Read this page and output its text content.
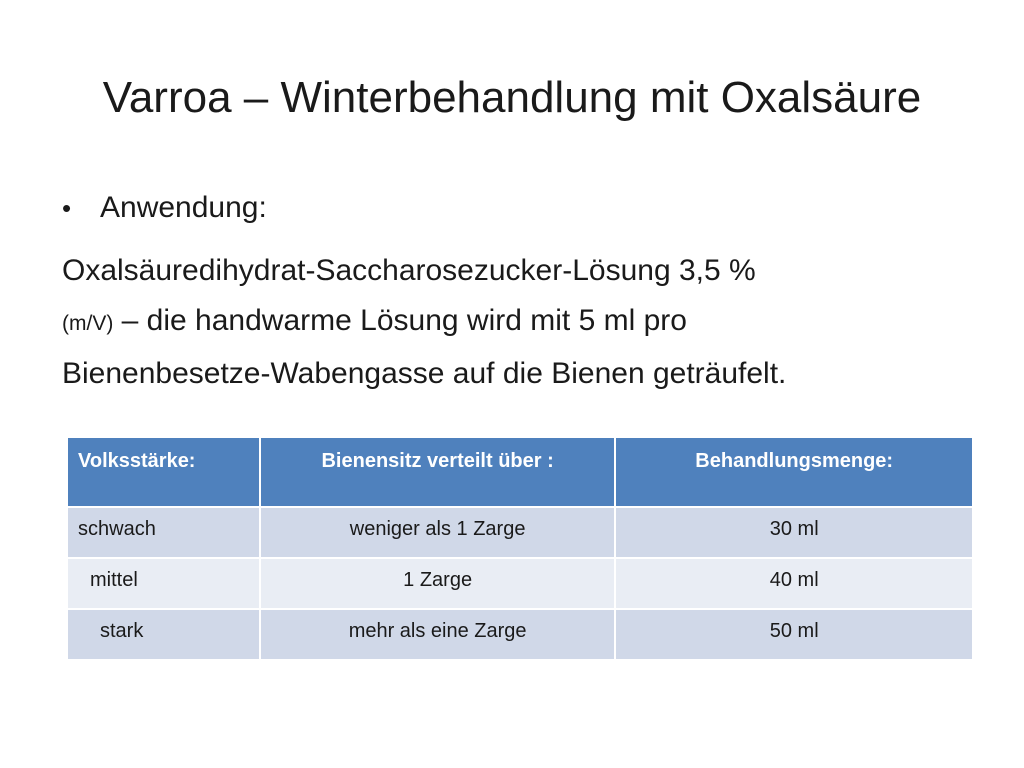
Varroa – Winterbehandlung mit Oxalsäure
• Anwendung:
Oxalsäuredihydrat-Saccharosezucker-Lösung 3,5 %
(m/V) – die handwarme Lösung wird mit 5 ml pro
Bienenbesetze-Wabengasse auf die Bienen geträufelt.
Volksstärke:	Bienensitz verteilt über :	Behandlungsmenge:
schwach	weniger als 1 Zarge	30 ml
mittel	1 Zarge	40 ml
stark	mehr als eine Zarge	50 ml
